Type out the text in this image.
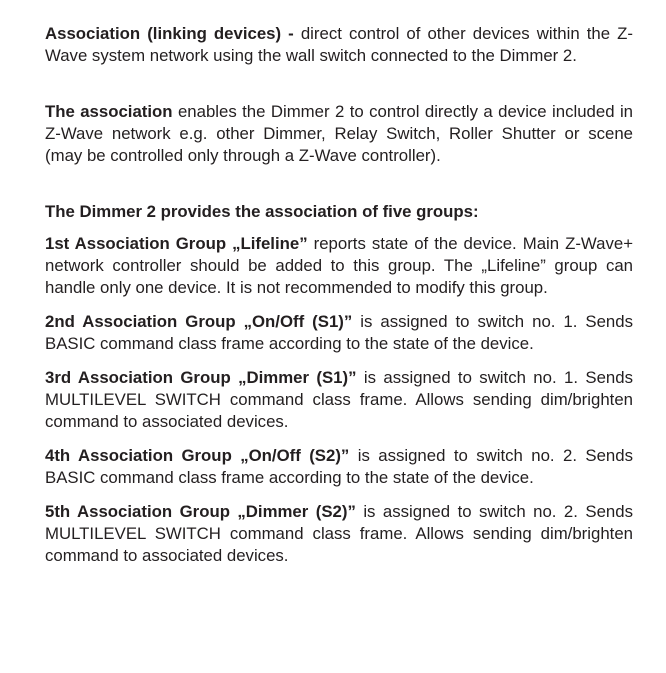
Association (linking devices) - direct control of other devices within the Z-Wave system network using the wall switch connected to the Dimmer 2.

The association enables the Dimmer 2 to control directly a device included in Z-Wave network e.g. other Dimmer, Relay Switch, Roller Shutter or scene (may be controlled only through a Z-Wave controller).

The Dimmer 2 provides the association of five groups:

1st Association Group „Lifeline” reports state of the device. Main Z-Wave+ network controller should be added to this group. The „Lifeline” group can handle only one device. It is not recommended to modify this group.

2nd Association Group „On/Off (S1)” is assigned to switch no. 1. Sends BASIC command class frame according to the state of the device.

3rd Association Group „Dimmer (S1)” is assigned to switch no. 1. Sends MULTILEVEL SWITCH command class frame. Allows sending dim/brighten command to associated devices.

4th Association Group „On/Off (S2)” is assigned to switch no. 2. Sends BASIC command class frame according to the state of the device.

5th Association Group „Dimmer (S2)” is assigned to switch no. 2. Sends MULTILEVEL SWITCH command class frame. Allows sending dim/brighten command to associated devices.
